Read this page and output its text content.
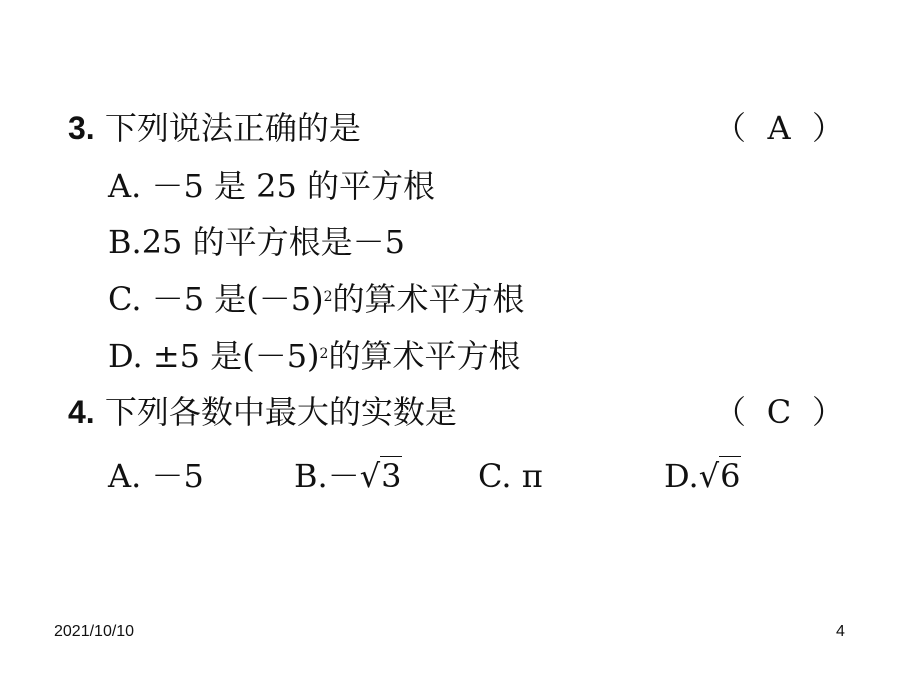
3. 下列说法正确的是	（ A ）
A. －5 是 25 的平方根
B.25 的平方根是－5
C. －5 是$(-5)^2$的算术平方根
D. ±5 是$(-5)^2$的算术平方根
4. 下列各数中最大的实数是	（ C ）
A. －5	B.－√3 C. π	D.√6
2021/10/10	4
